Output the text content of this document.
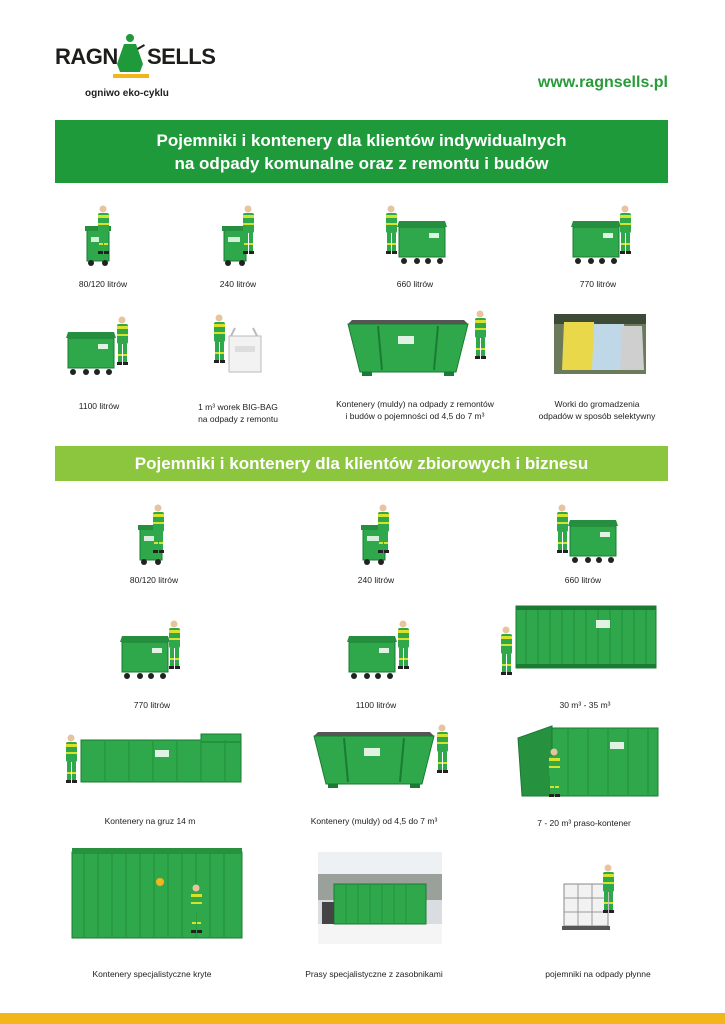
RAGN SELLS
ogniwo eko-cyklu
www.ragnsells.pl
Pojemniki i kontenery dla klientów indywidualnych
na odpady komunalne oraz z remontu i budów
80/120 litrów	240 litrów	660 litrów	770 litrów
1100 litrów	1 m³ worek BIG-BAG
na odpady z remontu
Kontenery (muldy) na odpady z remontów
i budów o pojemności od 4,5 do 7 m³
Worki do gromadzenia
odpadów w sposób selektywny
Pojemniki i kontenery dla klientów zbiorowych i biznesu
80/120 litrów	240 litrów	660 litrów
770 litrów	1100 litrów	30 m³ - 35 m³
Kontenery na gruz 14 m	Kontenery (muldy) od 4,5 do 7 m³	7 - 20 m³ praso-kontener
Kontenery specjalistyczne kryte	Prasy specjalistyczne z zasobnikami	pojemniki na odpady płynne
